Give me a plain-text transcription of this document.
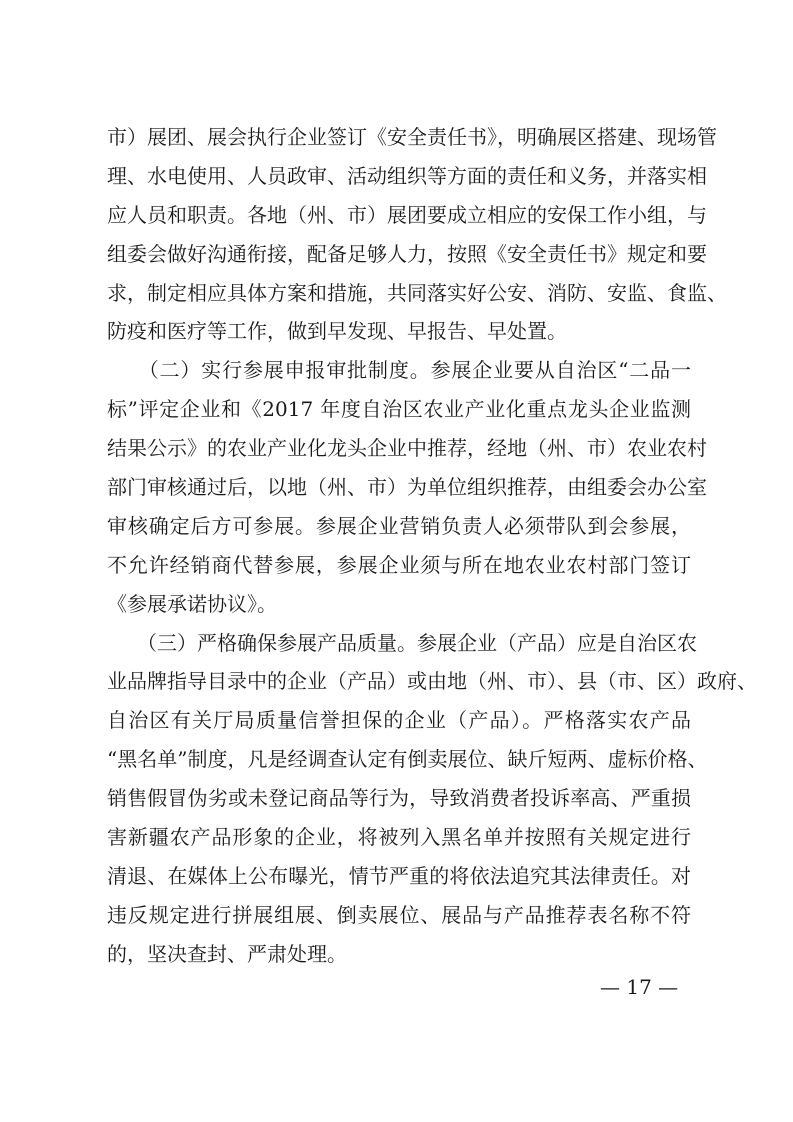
市）展团、展会执行企业签订《安全责任书》，明确展区搭建、现场管
理、水电使用、人员政审、活动组织等方面的责任和义务，并落实相
应人员和职责。各地（州、市）展团要成立相应的安保工作小组，与
组委会做好沟通衔接，配备足够人力，按照《安全责任书》规定和要
求，制定相应具体方案和措施，共同落实好公安、消防、安监、食监、
防疫和医疗等工作，做到早发现、早报告、早处置。
　　（二）实行参展申报审批制度。参展企业要从自治区“二品一
标”评定企业和《2017 年度自治区农业产业化重点龙头企业监测
结果公示》的农业产业化龙头企业中推荐，经地（州、市）农业农村
部门审核通过后，以地（州、市）为单位组织推荐，由组委会办公室
审核确定后方可参展。参展企业营销负责人必须带队到会参展，
不允许经销商代替参展，参展企业须与所在地农业农村部门签订
《参展承诺协议》。
　　（三）严格确保参展产品质量。参展企业（产品）应是自治区农
业品牌指导目录中的企业（产品）或由地（州、市）、县（市、区）政府、
自治区有关厅局质量信誉担保的企业（产品）。严格落实农产品
“黑名单”制度，凡是经调查认定有倒卖展位、缺斤短两、虚标价格、
销售假冒伪劣或未登记商品等行为，导致消费者投诉率高、严重损
害新疆农产品形象的企业，将被列入黑名单并按照有关规定进行
清退、在媒体上公布曝光，情节严重的将依法追究其法律责任。对
违反规定进行拼展组展、倒卖展位、展品与产品推荐表名称不符
的，坚决查封、严肃处理。
— 17 —
